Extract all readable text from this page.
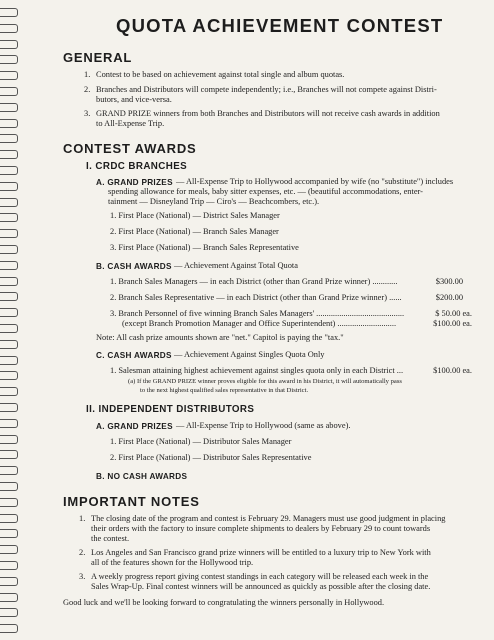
QUOTA ACHIEVEMENT CONTEST
GENERAL
1. Contest to be based on achievement against total single and album quotas.
2. Branches and Distributors will compete independently; i.e., Branches will not compete against Distri-
butors, and vice-versa.
3. GRAND PRIZE winners from both Branches and Distributors will not receive cash awards in addition
to All-Expense Trip.
CONTEST AWARDS
I. CRDC BRANCHES
A. GRAND PRIZES — All-Expense Trip to Hollywood accompanied by wife (no "substitute") includes
spending allowance for meals, baby sitter expenses, etc. — (beautiful accommodations, enter-
tainment — Disneyland Trip — Ciro's — Beachcombers, etc.).
1. First Place (National) — District Sales Manager
2. First Place (National) — Branch Sales Manager
3. First Place (National) — Branch Sales Representative
B. CASH AWARDS — Achievement Against Total Quota
1. Branch Sales Managers — in each District (other than Grand Prize winner) ............	$300.00
2. Branch Sales Representative — in each District (other than Grand Prize winner) ......	$200.00
3. Branch Personnel of five winning Branch Sales Managers' ..........................................	$ 50.00 ea.
(except Branch Promotion Manager and Office Superintendent) ............................	$100.00 ea.
Note: All cash prize amounts shown are "net." Capitol is paying the "tax."
C. CASH AWARDS — Achievement Against Singles Quota Only
1. Salesman attaining highest achievement against singles quota only in each District ...	$100.00 ea.
(a) If the GRAND PRIZE winner proves eligible for this award in his District, it will automatically pass
to the next highest qualified sales representative in that District.
II. INDEPENDENT DISTRIBUTORS
A. GRAND PRIZES — All-Expense Trip to Hollywood (same as above).
1. First Place (National) — Distributor Sales Manager
2. First Place (National) — Distributor Sales Representative
B. NO CASH AWARDS
IMPORTANT NOTES
1. The closing date of the program and contest is February 29. Managers must use good judgment in placing
their orders with the factory to insure complete shipments to dealers by February 29 to count towards
the contest.
2. Los Angeles and San Francisco grand prize winners will be entitled to a luxury trip to New York with
all of the features shown for the Hollywood trip.
3. A weekly progress report giving contest standings in each category will be released each week in the
Sales Wrap-Up. Final contest winners will be announced as quickly as possible after the closing date.
Good luck and we'll be looking forward to congratulating the winners personally in Hollywood.
